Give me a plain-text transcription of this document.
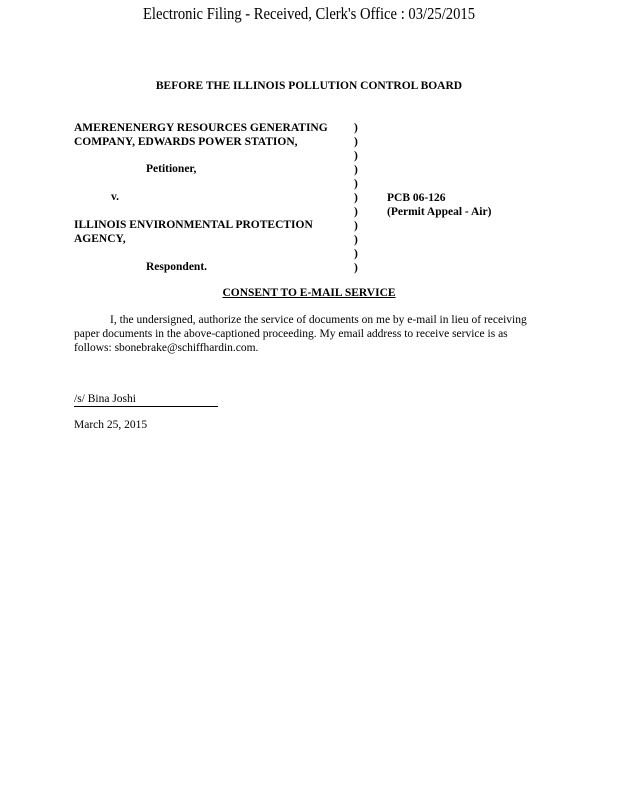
Electronic Filing - Received, Clerk's Office : 03/25/2015
BEFORE THE ILLINOIS POLLUTION CONTROL BOARD
AMERENENERGY RESOURCES GENERATING
COMPANY, EDWARDS POWER STATION,
Petitioner,
v.
ILLINOIS ENVIRONMENTAL PROTECTION
AGENCY,
Respondent.
)
)
)
)
)
)
)
)
)
)
)
PCB 06-126
(Permit Appeal - Air)
CONSENT TO E-MAIL SERVICE
I, the undersigned, authorize the service of documents on me by e-mail in lieu of receiving paper documents in the above-captioned proceeding. My email address to receive service is as follows: sbonebrake@schiffhardin.com.
/s/ Bina Joshi
March 25, 2015
